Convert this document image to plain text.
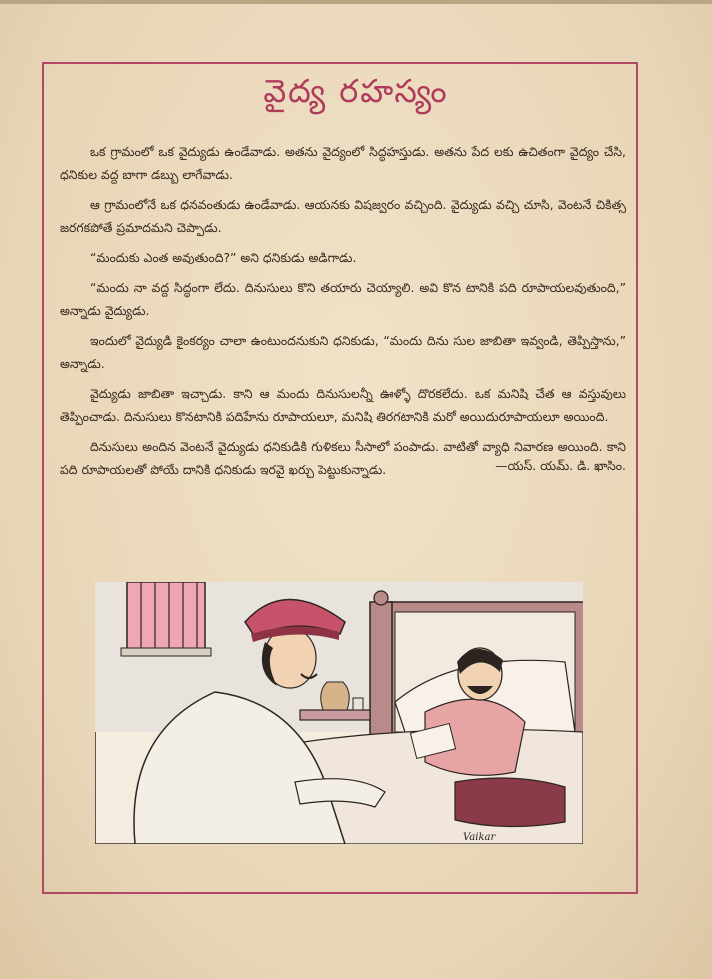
వైద్య రహస్యం

ఒక గ్రామంలో ఒక వైద్యుడు ఉండేవాడు. అతను వైద్యంలో సిద్ధహస్తుడు. అతను పేద లకు ఉచితంగా వైద్యం చేసి, ధనికుల వద్ద బాగా డబ్బు లాగేవాడు.

ఆ గ్రామంలోనే ఒక ధనవంతుడు ఉండేవాడు. ఆయనకు విషజ్వరం వచ్చింది. వైద్యుడు వచ్చి చూసి, వెంటనే చికిత్స జరగకపోతే ప్రమాదమని చెప్పాడు.

“మందుకు ఎంత అవుతుంది?” అని ధనికుడు అడిగాడు.

“మందు నా వద్ద సిద్ధంగా లేదు. దినుసులు కొని తయారు చెయ్యాలి. అవి కొన టానికి పది రూపాయలవుతుంది,” అన్నాడు వైద్యుడు.

ఇందులో వైద్యుడి కైంకర్యం చాలా ఉంటుందనుకుని ధనికుడు, “మందు దిను సుల జాబితా ఇవ్వండి, తెప్పిస్తాను,” అన్నాడు.

వైద్యుడు జాబితా ఇచ్చాడు. కాని ఆ మందు దినుసులన్నీ ఊళ్ళో దొరకలేదు. ఒక మనిషి చేత ఆ వస్తువులు తెప్పించాడు. దినుసులు కొనటానికి పదిహేను రూపాయలూ, మనిషి తిరగటానికి మరో అయిదురూపాయలూ అయింది.

దినుసులు అందిన వెంటనే వైద్యుడు ధనికుడికి గుళికలు సీసాలో పంపాడు. వాటితో వ్యాధి నివారణ అయింది. కాని పది రూపాయలతో పోయే దానికి ధనికుడు ఇరవై ఖర్చు పెట్టుకున్నాడు.	—యస్. యమ్. డి. ఖాసిం.
Vaikar
